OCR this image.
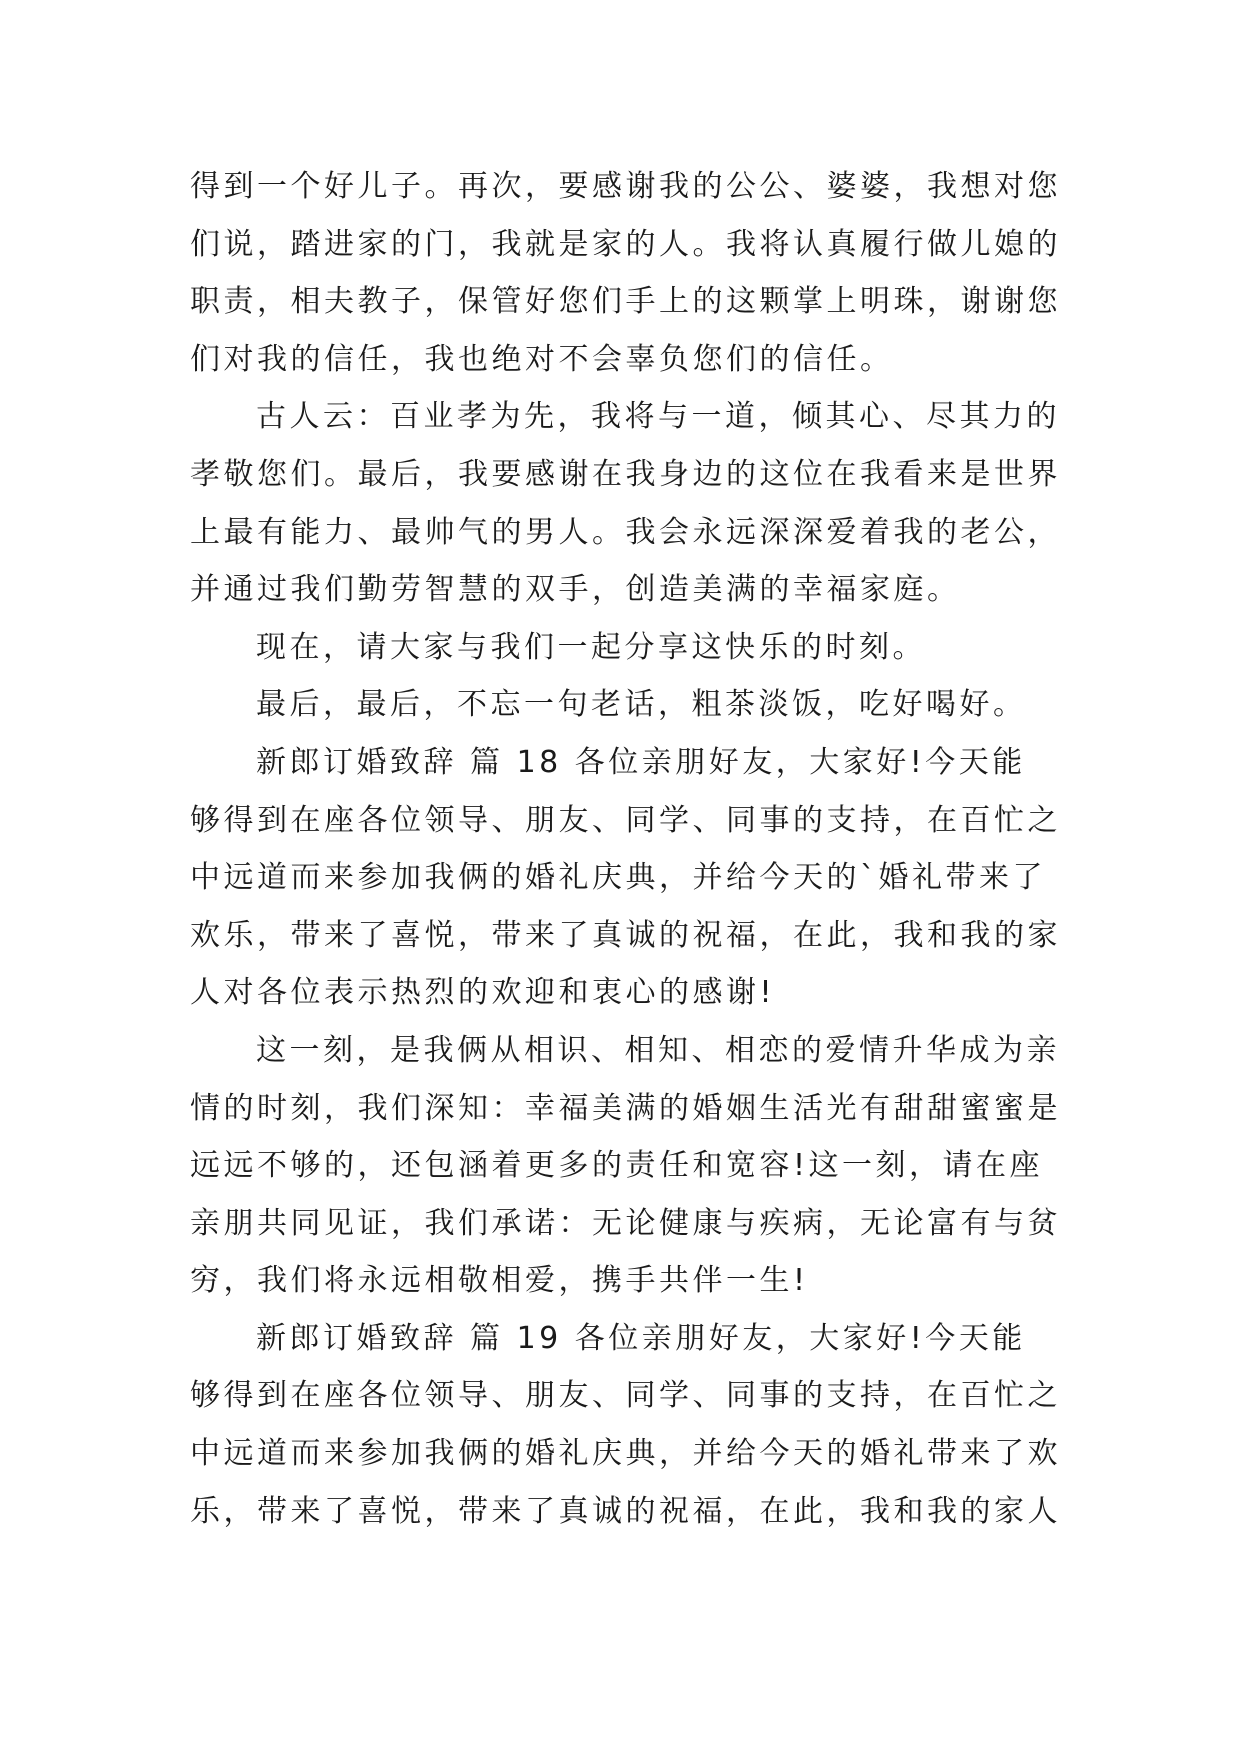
得到一个好儿子。再次，要感谢我的公公、婆婆，我想对您
们说，踏进家的门，我就是家的人。我将认真履行做儿媳的
职责，相夫教子，保管好您们手上的这颗掌上明珠，谢谢您
们对我的信任，我也绝对不会辜负您们的信任。
古人云：百业孝为先，我将与一道，倾其心、尽其力的
孝敬您们。最后，我要感谢在我身边的这位在我看来是世界
上最有能力、最帅气的男人。我会永远深深爱着我的老公，
并通过我们勤劳智慧的双手，创造美满的幸福家庭。
现在，请大家与我们一起分享这快乐的时刻。
最后，最后，不忘一句老话，粗茶淡饭，吃好喝好。
新郎订婚致辞 篇 18 各位亲朋好友，大家好!今天能
够得到在座各位领导、朋友、同学、同事的支持，在百忙之
中远道而来参加我俩的婚礼庆典，并给今天的`婚礼带来了
欢乐，带来了喜悦，带来了真诚的祝福，在此，我和我的家
人对各位表示热烈的欢迎和衷心的感谢!
这一刻，是我俩从相识、相知、相恋的爱情升华成为亲
情的时刻，我们深知：幸福美满的婚姻生活光有甜甜蜜蜜是
远远不够的，还包涵着更多的责任和宽容!这一刻，请在座
亲朋共同见证，我们承诺：无论健康与疾病，无论富有与贫
穷，我们将永远相敬相爱，携手共伴一生!
新郎订婚致辞 篇 19 各位亲朋好友，大家好!今天能
够得到在座各位领导、朋友、同学、同事的支持，在百忙之
中远道而来参加我俩的婚礼庆典，并给今天的婚礼带来了欢
乐，带来了喜悦，带来了真诚的祝福，在此，我和我的家人
